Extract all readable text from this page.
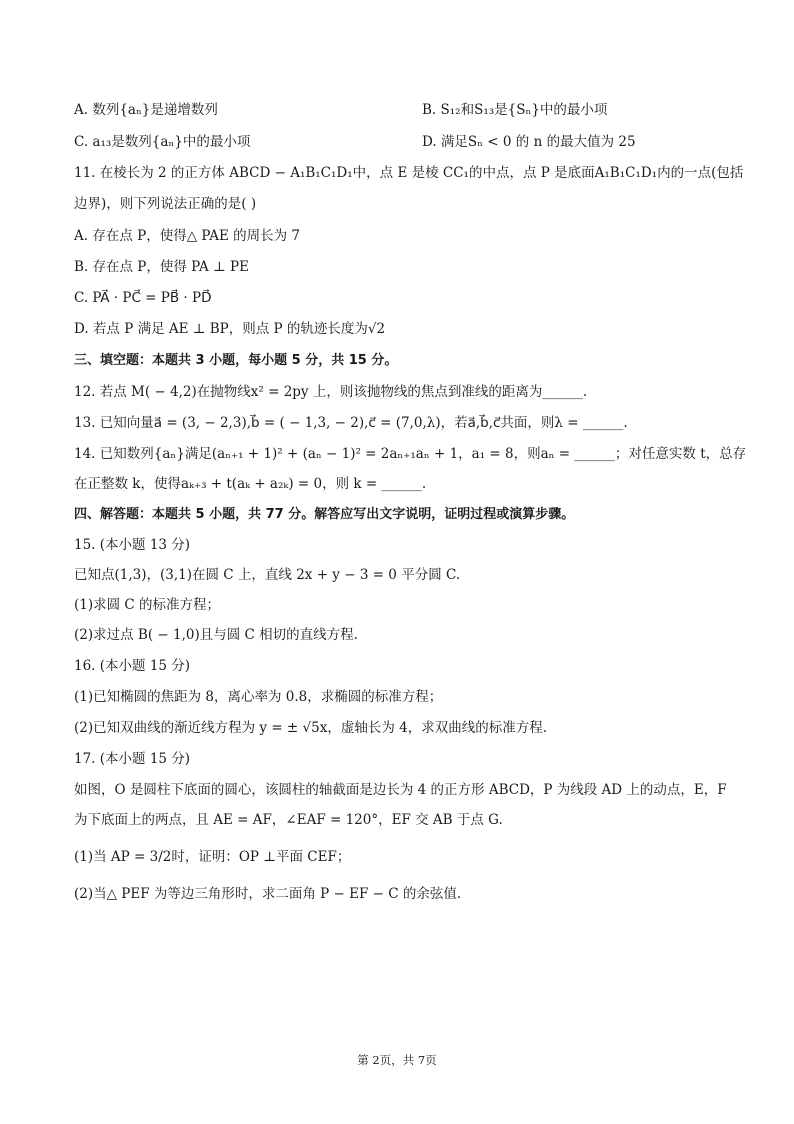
A. 数列{aₙ}是递增数列	B. S₁₂和S₁₃是{Sₙ}中的最小项
C. a₁₃是数列{aₙ}中的最小项	D. 满足Sₙ < 0 的 n 的最大值为 25
11. 在棱长为 2 的正方体 ABCD − A₁B₁C₁D₁中，点 E 是棱 CC₁的中点，点 P 是底面A₁B₁C₁D₁内的一点(包括
边界)，则下列说法正确的是( )
A. 存在点 P，使得△ PAE 的周长为 7
B. 存在点 P，使得 PA ⊥ PE
C. PA⃗ · PC⃗ = PB⃗ · PD⃗
D. 若点 P 满足 AE ⊥ BP，则点 P 的轨迹长度为√2
三、填空题：本题共 3 小题，每小题 5 分，共 15 分。
12. 若点 M( − 4,2)在抛物线x² = 2py 上，则该抛物线的焦点到准线的距离为______.
13. 已知向量a⃗ = (3, − 2,3),b⃗ = ( − 1,3, − 2),c⃗ = (7,0,λ)，若a⃗,b⃗,c⃗共面，则λ = ______.
14. 已知数列{aₙ}满足(aₙ₊₁ + 1)² + (aₙ − 1)² = 2aₙ₊₁aₙ + 1，a₁ = 8，则aₙ = ______；对任意实数 t，总存
在正整数 k，使得aₖ₊₃ + t(aₖ + a₂ₖ) = 0，则 k = ______.
四、解答题：本题共 5 小题，共 77 分。解答应写出文字说明，证明过程或演算步骤。
15. (本小题 13 分)
已知点(1,3)，(3,1)在圆 C 上，直线 2x + y − 3 = 0 平分圆 C.
(1)求圆 C 的标准方程；
(2)求过点 B( − 1,0)且与圆 C 相切的直线方程.
16. (本小题 15 分)
(1)已知椭圆的焦距为 8，离心率为 0.8，求椭圆的标准方程；
(2)已知双曲线的渐近线方程为 y = ± √5x，虚轴长为 4，求双曲线的标准方程.
17. (本小题 15 分)
如图，O 是圆柱下底面的圆心，该圆柱的轴截面是边长为 4 的正方形 ABCD，P 为线段 AD 上的动点，E，F
为下底面上的两点，且 AE = AF，∠EAF = 120°，EF 交 AB 于点 G.
(1)当 AP = 3/2时，证明：OP ⊥平面 CEF；
(2)当△ PEF 为等边三角形时，求二面角 P − EF − C 的余弦值.
第 2页，共 7页
